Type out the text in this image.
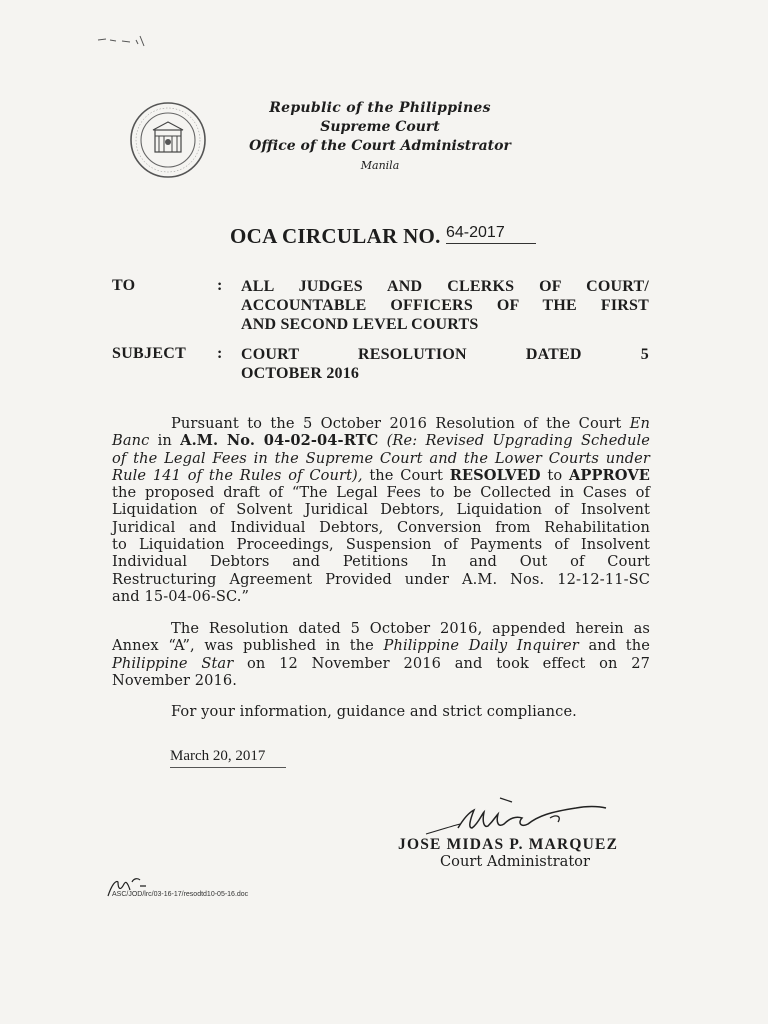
Republic of the Philippines
Supreme Court
Office of the Court Administrator
Manila
OCA CIRCULAR NO. 64-2017
TO	: ALL JUDGES AND CLERKS OF COURT/
ACCOUNTABLE OFFICERS OF THE FIRST
AND SECOND LEVEL COURTS
SUBJECT : COURT RESOLUTION DATED 5
OCTOBER 2016
Pursuant to the 5 October 2016 Resolution of the Court En
Banc in A.M. No. 04-02-04-RTC (Re: Revised Upgrading Schedule
of the Legal Fees in the Supreme Court and the Lower Courts under
Rule 141 of the Rules of Court), the Court RESOLVED to APPROVE
the proposed draft of “The Legal Fees to be Collected in Cases of
Liquidation of Solvent Juridical Debtors, Liquidation of Insolvent
Juridical and Individual Debtors, Conversion from Rehabilitation
to Liquidation Proceedings, Suspension of Payments of Insolvent
Individual Debtors and Petitions In and Out of Court
Restructuring Agreement Provided under A.M. Nos. 12-12-11-SC
and 15-04-06-SC.”
The Resolution dated 5 October 2016, appended herein as
Annex “A”, was published in the Philippine Daily Inquirer and the
Philippine Star on 12 November 2016 and took effect on 27
November 2016.
For your information, guidance and strict compliance.
March 20, 2017
JOSE MIDAS P. MARQUEZ
Court Administrator
ASC/JOD/lrc/03-16-17/resodtd10-05-16.doc
